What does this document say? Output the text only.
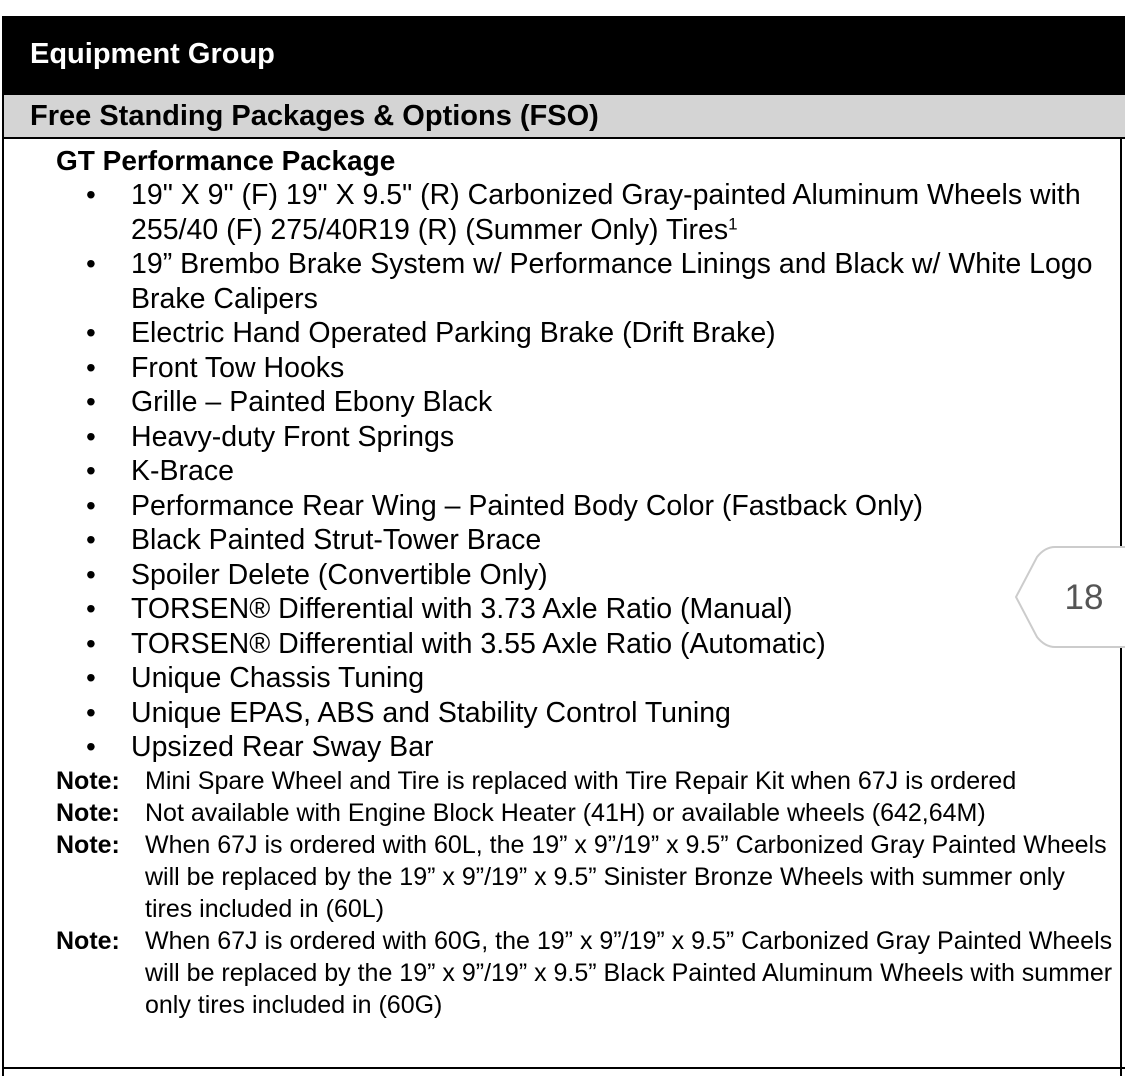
Equipment Group
Free Standing Packages & Options (FSO)
GT Performance Package
• 19" X 9" (F) 19" X 9.5" (R) Carbonized Gray-painted Aluminum Wheels with 255/40 (F) 275/40R19 (R) (Summer Only) Tires$^1$
• 19” Brembo Brake System w/ Performance Linings and Black w/ White Logo Brake Calipers
• Electric Hand Operated Parking Brake (Drift Brake)
• Front Tow Hooks
• Grille – Painted Ebony Black
• Heavy-duty Front Springs
• K-Brace
• Performance Rear Wing – Painted Body Color (Fastback Only)
• Black Painted Strut-Tower Brace
• Spoiler Delete (Convertible Only)
• TORSEN® Differential with 3.73 Axle Ratio (Manual)
• TORSEN® Differential with 3.55 Axle Ratio (Automatic)
• Unique Chassis Tuning
• Unique EPAS, ABS and Stability Control Tuning
• Upsized Rear Sway Bar
Note: Mini Spare Wheel and Tire is replaced with Tire Repair Kit when 67J is ordered
Note: Not available with Engine Block Heater (41H) or available wheels (642,64M)
Note: When 67J is ordered with 60L, the 19” x 9”/19” x 9.5” Carbonized Gray Painted Wheels will be replaced by the 19” x 9”/19” x 9.5” Sinister Bronze Wheels with summer only tires included in (60L)
Note: When 67J is ordered with 60G, the 19” x 9”/19” x 9.5” Carbonized Gray Painted Wheels will be replaced by the 19” x 9”/19” x 9.5” Black Painted Aluminum Wheels with summer only tires included in (60G)
18
